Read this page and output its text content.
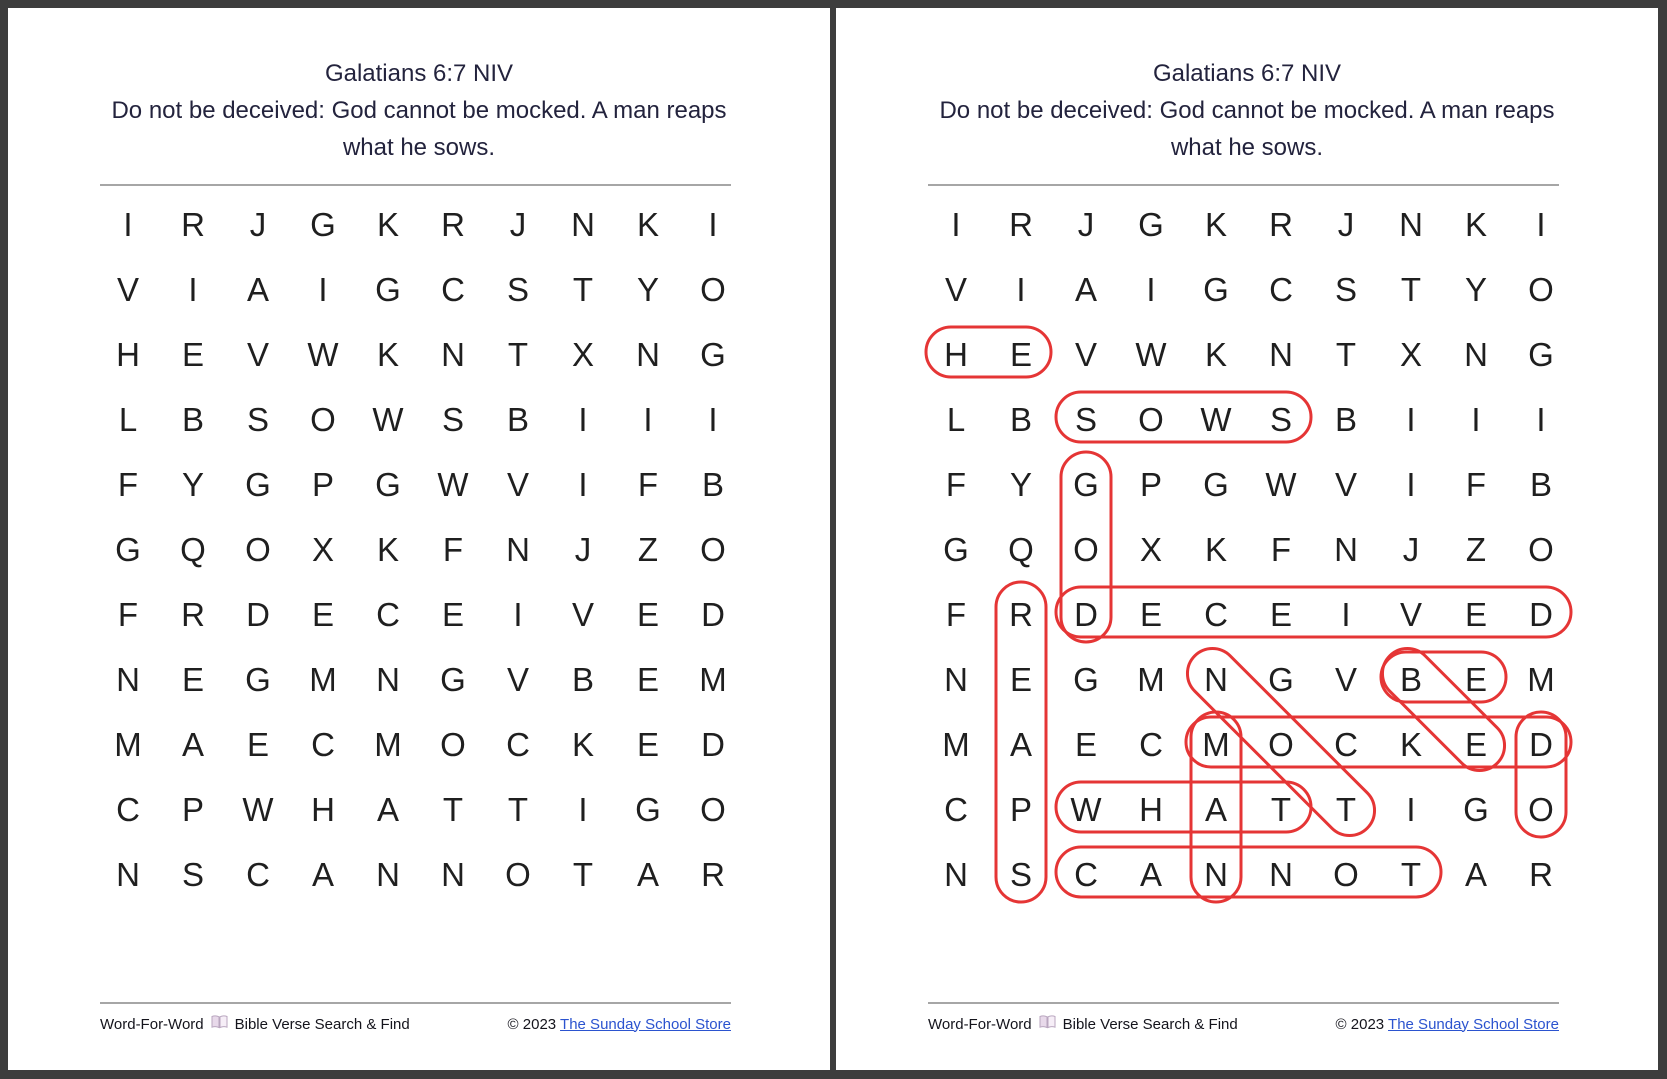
Galatians 6:7 NIV
Do not be deceived: God cannot be mocked. A man reaps
what he sows.
I R J G K R J N K I
V I A I G C S T Y O
H E V W K N T X N G
L B S O W S B I I I
F Y G P G W V I F B
G Q O X K F N J Z O
F R D E C E I V E D
N E G M N G V B E M
M A E C M O C K E D
C P W H A T T I G O
N S C A N N O T A R
Word-For-Word Bible Verse Search & Find	© 2023 The Sunday School Store
Galatians 6:7 NIV
Do not be deceived: God cannot be mocked. A man reaps
what he sows.
I R J G K R J N K I
V I A I G C S T Y O
H E V W K N T X N G
L B S O W S B I I I
F Y G P G W V I F B
G Q O X K F N J Z O
F R D E C E I V E D
N E G M N G V B E M
M A E C M O C K E D
C P W H A T T I G O
N S C A N N O T A R
Word-For-Word Bible Verse Search & Find	© 2023 The Sunday School Store
